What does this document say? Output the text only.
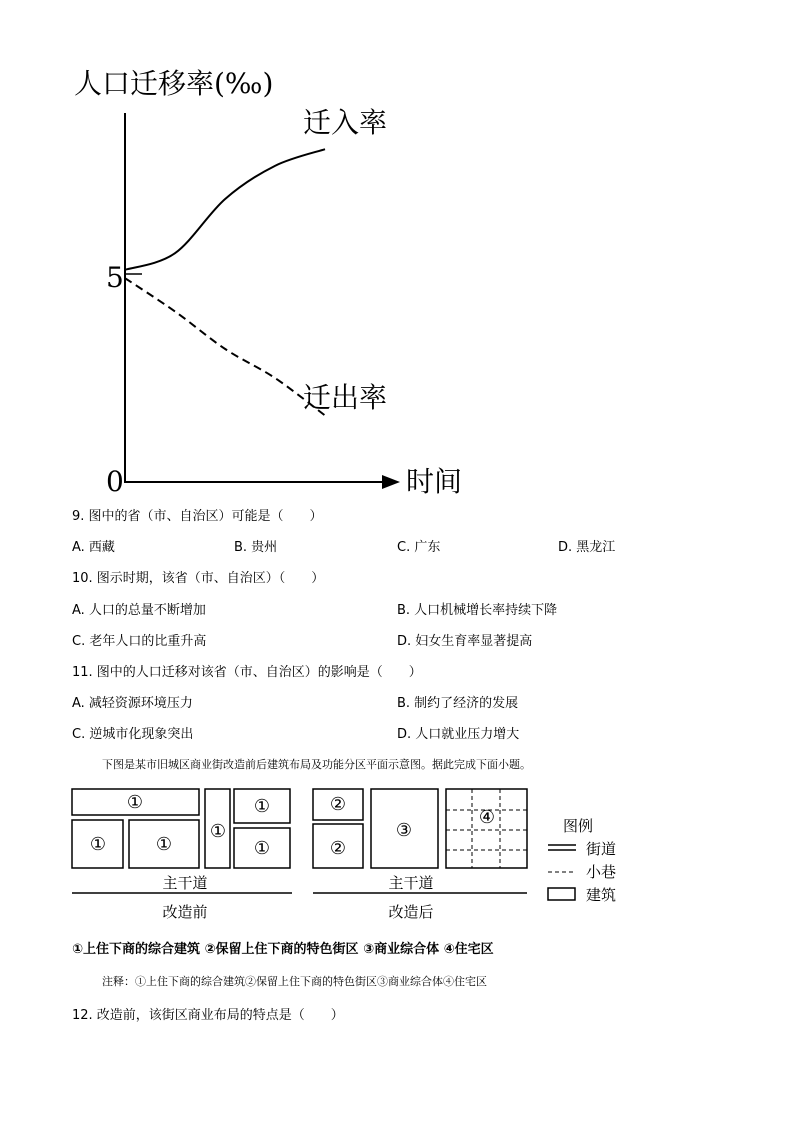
人口迁移率(‰)
5
0	时间
迁入率
迁出率
9. 图中的省（市、自治区）可能是（　　）
A. 西藏	B. 贵州	C. 广东	D. 黑龙江
10. 图示时期，该省（市、自治区）（　　）
A. 人口的总量不断增加	B. 人口机械增长率持续下降
C. 老年人口的比重升高	D. 妇女生育率显著提高
11. 图中的人口迁移对该省（市、自治区）的影响是（　　）
A. 减轻资源环境压力	B. 制约了经济的发展
C. 逆城市化现象突出	D. 人口就业压力增大
下图是某市旧城区商业街改造前后建筑布局及功能分区平面示意图。据此完成下面小题。
①
①	①
①
①
①
②
②
③
④
主干道	主干道
改造前	改造后
图例
街道
小巷
建筑
①上住下商的综合建筑 ②保留上住下商的特色街区 ③商业综合体 ④住宅区
注释：①上住下商的综合建筑②保留上住下商的特色街区③商业综合体④住宅区
12. 改造前，该街区商业布局的特点是（　　）
